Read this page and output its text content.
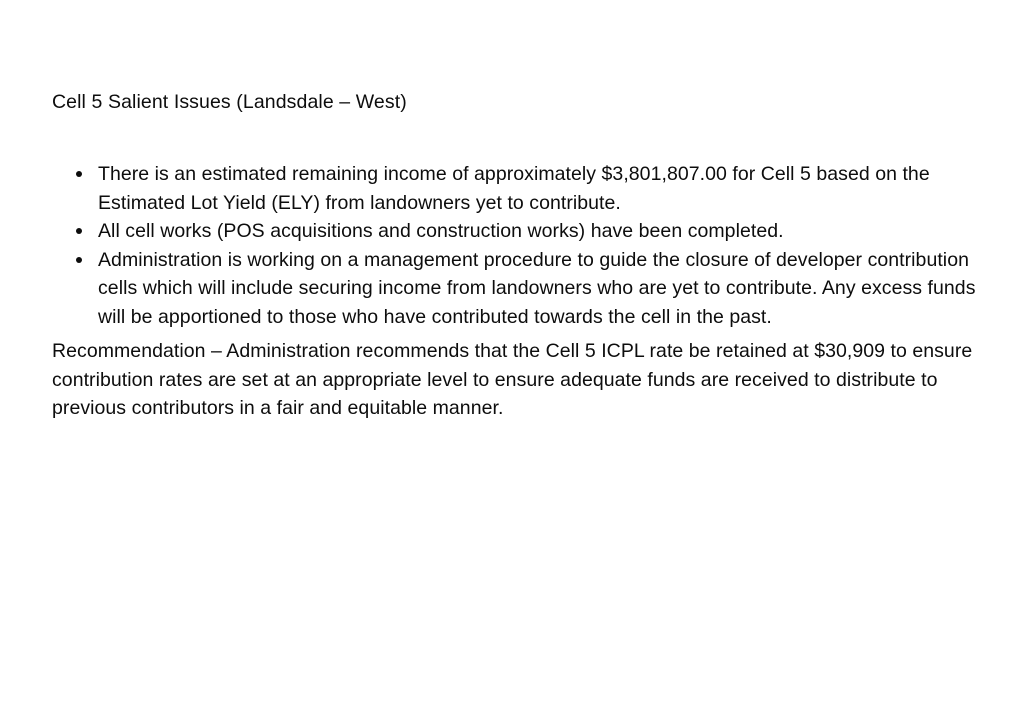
Cell 5 Salient Issues (Landsdale – West)
There is an estimated remaining income of approximately $3,801,807.00 for Cell 5 based on the Estimated Lot Yield (ELY) from landowners yet to contribute.
All cell works (POS acquisitions and construction works) have been completed.
Administration is working on a management procedure to guide the closure of developer contribution cells which will include securing income from landowners who are yet to contribute. Any excess funds will be apportioned to those who have contributed towards the cell in the past.

Recommendation – Administration recommends that the Cell 5 ICPL rate be retained at $30,909 to ensure contribution rates are set at an appropriate level to ensure adequate funds are received to distribute to previous contributors in a fair and equitable manner.
